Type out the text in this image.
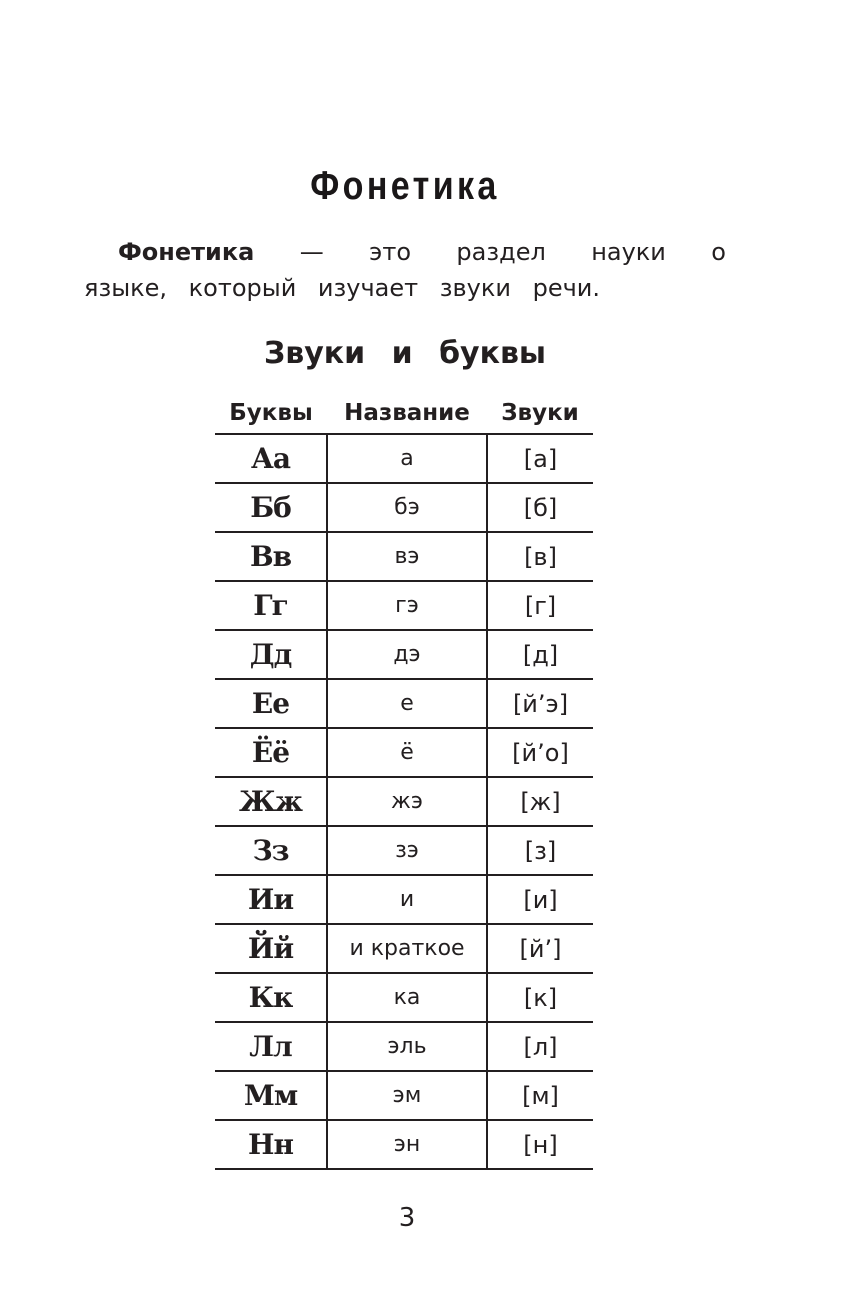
Фонетика
Фонетика — это раздел науки о
языке, который изучает звуки речи.
Звуки и буквы
Буквы	Название	Звуки
Аа	а	[а]
Бб	бэ	[б]
Вв	вэ	[в]
Гг	гэ	[г]
Дд	дэ	[д]
Ее	е	[й’э]
Ёё	ё	[й’о]
Жж	жэ	[ж]
Зз	зэ	[з]
Ии	и	[и]
Йй	и краткое	[й’]
Кк	ка	[к]
Лл	эль	[л]
Мм	эм	[м]
Нн	эн	[н]
3
